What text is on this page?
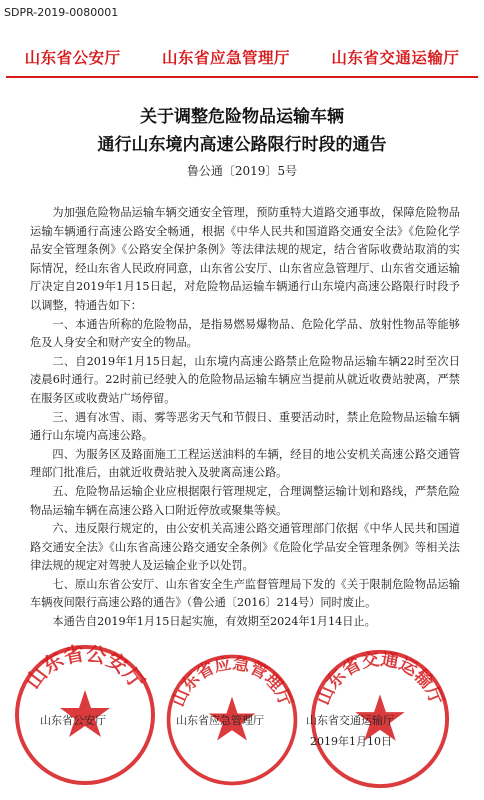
SDPR-2019-0080001
山东省公安厅	山东省应急管理厅	山东省交通运输厅
关于调整危险物品运输车辆
通行山东境内高速公路限行时段的通告
鲁公通〔2019〕5号

为加强危险物品运输车辆交通安全管理，预防重特大道路交通事故，保障危险物品运输车辆通行高速公路安全畅通，根据《中华人民共和国道路交通安全法》《危险化学品安全管理条例》《公路安全保护条例》等法律法规的规定，结合省际收费站取消的实际情况，经山东省人民政府同意，山东省公安厅、山东省应急管理厅、山东省交通运输厅决定自2019年1月15日起，对危险物品运输车辆通行山东境内高速公路限行时段予以调整，特通告如下：

一、本通告所称的危险物品，是指易燃易爆物品、危险化学品、放射性物品等能够危及人身安全和财产安全的物品。

二、自2019年1月15日起，山东境内高速公路禁止危险物品运输车辆22时至次日凌晨6时通行。22时前已经驶入的危险物品运输车辆应当提前从就近收费站驶离，严禁在服务区或收费站广场停留。

三、遇有冰雪、雨、雾等恶劣天气和节假日、重要活动时，禁止危险物品运输车辆通行山东境内高速公路。

四、为服务区及路面施工工程运送油料的车辆，经目的地公安机关高速公路交通管理部门批准后，由就近收费站驶入及驶离高速公路。

五、危险物品运输企业应根据限行管理规定，合理调整运输计划和路线，严禁危险物品运输车辆在高速公路入口附近停放或聚集等候。

六、违反限行规定的，由公安机关高速公路交通管理部门依据《中华人民共和国道路交通安全法》《山东省高速公路交通安全条例》《危险化学品安全管理条例》等相关法律法规的规定对驾驶人及运输企业予以处罚。

七、原山东省公安厅、山东省安全生产监督管理局下发的《关于限制危险物品运输车辆夜间限行高速公路的通告》（鲁公通〔2016〕214号）同时废止。

本通告自2019年1月15日起实施，有效期至2024年1月14日止。

山东省公安厅
山东省应急管理厅 山东省交通运输厅
山东省公安厅	山东省应急管理厅	山东省交通运输厅
2019年1月10日
